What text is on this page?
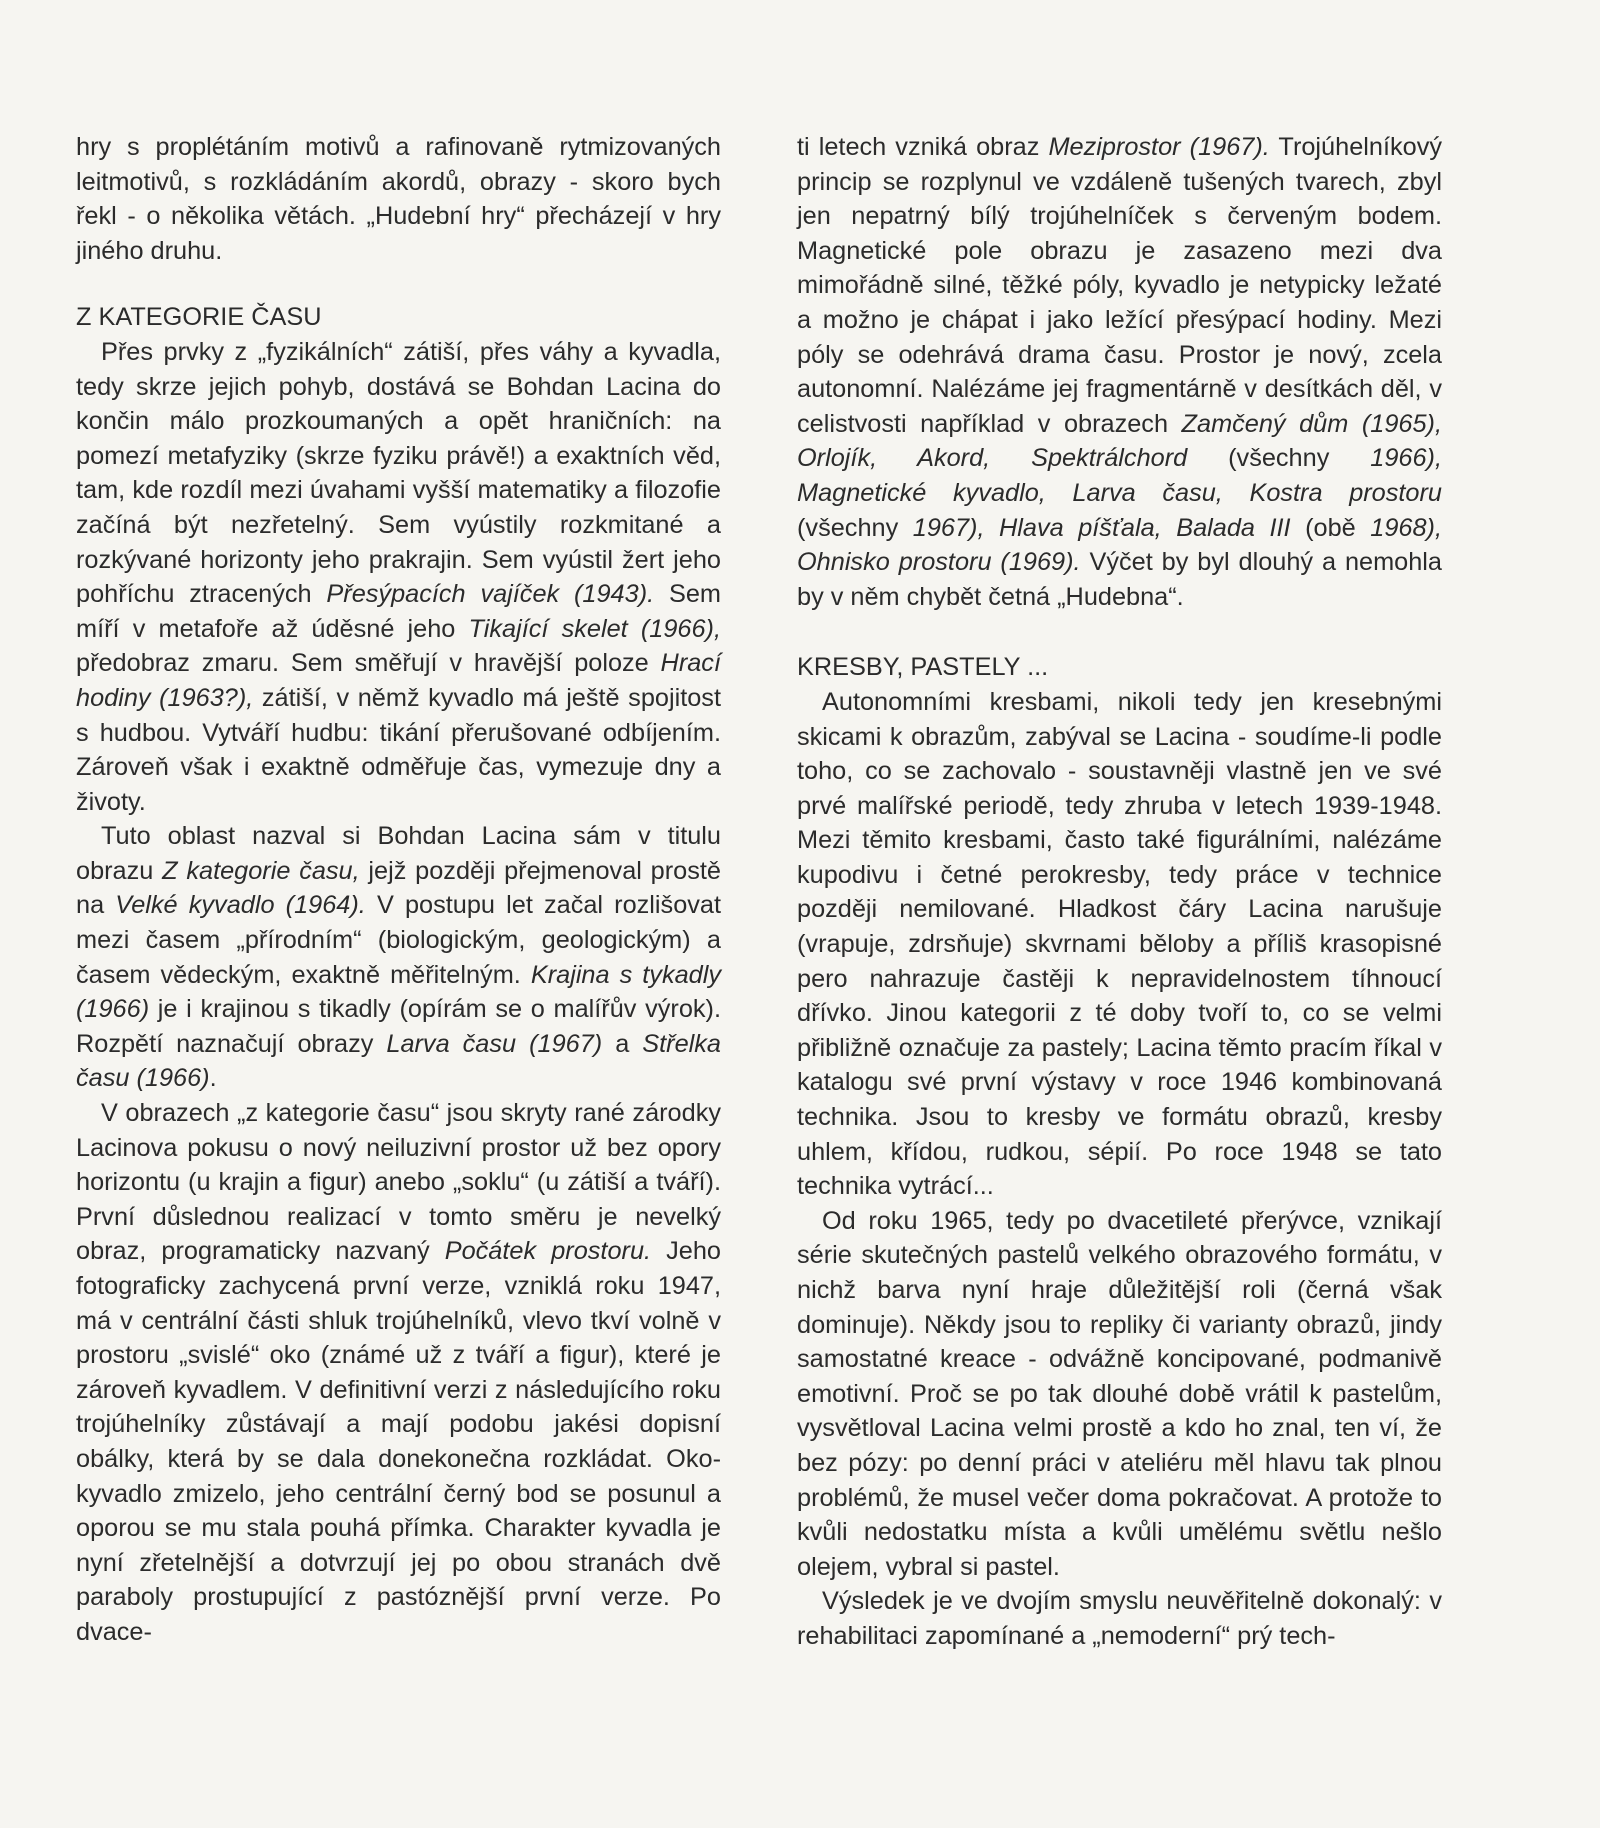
hry s proplétáním motivů a rafinovaně rytmizovaných leitmotivů, s rozkládáním akordů, obrazy - skoro bych řekl - o několika větách. „Hudební hry“ přecházejí v hry jiného druhu.

Z KATEGORIE ČASU

Přes prvky z „fyzikálních“ zátiší, přes váhy a kyvadla, tedy skrze jejich pohyb, dostává se Bohdan Lacina do končin málo prozkoumaných a opět hraničních: na pomezí metafyziky (skrze fyziku právě!) a exaktních věd, tam, kde rozdíl mezi úvahami vyšší matematiky a filozofie začíná být nezřetelný. Sem vyústily rozkmitané a rozkývané horizonty jeho prakrajin. Sem vyústil žert jeho pohříchu ztracených Přesýpacích vajíček (1943). Sem míří v metafoře až úděsné jeho Tikající skelet (1966), předobraz zmaru. Sem směřují v hravější poloze Hrací hodiny (1963?), zátiší, v němž kyvadlo má ještě spojitost s hudbou. Vytváří hudbu: tikání přerušované odbíjením. Zároveň však i exaktně odměřuje čas, vymezuje dny a životy.

Tuto oblast nazval si Bohdan Lacina sám v titulu obrazu Z kategorie času, jejž později přejmenoval prostě na Velké kyvadlo (1964). V postupu let začal rozlišovat mezi časem „přírodním“ (biologickým, geologickým) a časem vědeckým, exaktně měřitelným. Krajina s tykadly (1966) je i krajinou s tikadly (opírám se o malířův výrok). Rozpětí naznačují obrazy Larva času (1967) a Střelka času (1966).

V obrazech „z kategorie času“ jsou skryty rané zárodky Lacinova pokusu o nový neiluzivní prostor už bez opory horizontu (u krajin a figur) anebo „soklu“ (u zátiší a tváří). První důslednou realizací v tomto směru je nevelký obraz, programaticky nazvaný Počátek prostoru. Jeho fotograficky zachycená první verze, vzniklá roku 1947, má v centrální části shluk trojúhelníků, vlevo tkví volně v prostoru „svislé“ oko (známé už z tváří a figur), které je zároveň kyvadlem. V definitivní verzi z následujícího roku trojúhelníky zůstávají a mají podobu jakési dopisní obálky, která by se dala donekonečna rozkládat. Oko-kyvadlo zmizelo, jeho centrální černý bod se posunul a oporou se mu stala pouhá přímka. Charakter kyvadla je nyní zřetelnější a dotvrzují jej po obou stranách dvě paraboly prostupující z pastóznější první verze. Po dvace-

ti letech vzniká obraz Meziprostor (1967). Trojúhelníkový princip se rozplynul ve vzdáleně tušených tvarech, zbyl jen nepatrný bílý trojúhelníček s červeným bodem. Magnetické pole obrazu je zasazeno mezi dva mimořádně silné, těžké póly, kyvadlo je netypicky ležaté a možno je chápat i jako ležící přesýpací hodiny. Mezi póly se odehrává drama času. Prostor je nový, zcela autonomní. Nalézáme jej fragmentárně v desítkách děl, v celistvosti například v obrazech Zamčený dům (1965), Orlojík, Akord, Spektrálchord (všechny 1966), Magnetické kyvadlo, Larva času, Kostra prostoru (všechny 1967), Hlava píšťala, Balada III (obě 1968), Ohnisko prostoru (1969). Výčet by byl dlouhý a nemohla by v něm chybět četná „Hudebna“.

KRESBY, PASTELY ...

Autonomními kresbami, nikoli tedy jen kresebnými skicami k obrazům, zabýval se Lacina - soudíme-li podle toho, co se zachovalo - soustavněji vlastně jen ve své prvé malířské periodě, tedy zhruba v letech 1939-1948. Mezi těmito kresbami, často také figurálními, nalézáme kupodivu i četné perokresby, tedy práce v technice později nemilované. Hladkost čáry Lacina narušuje (vrapuje, zdrsňuje) skvrnami běloby a příliš krasopisné pero nahrazuje častěji k nepravidelnostem tíhnoucí dřívko. Jinou kategorii z té doby tvoří to, co se velmi přibližně označuje za pastely; Lacina těmto pracím říkal v katalogu své první výstavy v roce 1946 kombinovaná technika. Jsou to kresby ve formátu obrazů, kresby uhlem, křídou, rudkou, sépií. Po roce 1948 se tato technika vytrácí...

Od roku 1965, tedy po dvacetileté přerývce, vznikají série skutečných pastelů velkého obrazového formátu, v nichž barva nyní hraje důležitější roli (černá však dominuje). Někdy jsou to repliky či varianty obrazů, jindy samostatné kreace - odvážně koncipované, podmanivě emotivní. Proč se po tak dlouhé době vrátil k pastelům, vysvětloval Lacina velmi prostě a kdo ho znal, ten ví, že bez pózy: po denní práci v ateliéru měl hlavu tak plnou problémů, že musel večer doma pokračovat. A protože to kvůli nedostatku místa a kvůli umělému světlu nešlo olejem, vybral si pastel.

Výsledek je ve dvojím smyslu neuvěřitelně dokonalý: v rehabilitaci zapomínané a „nemoderní“ prý tech-
